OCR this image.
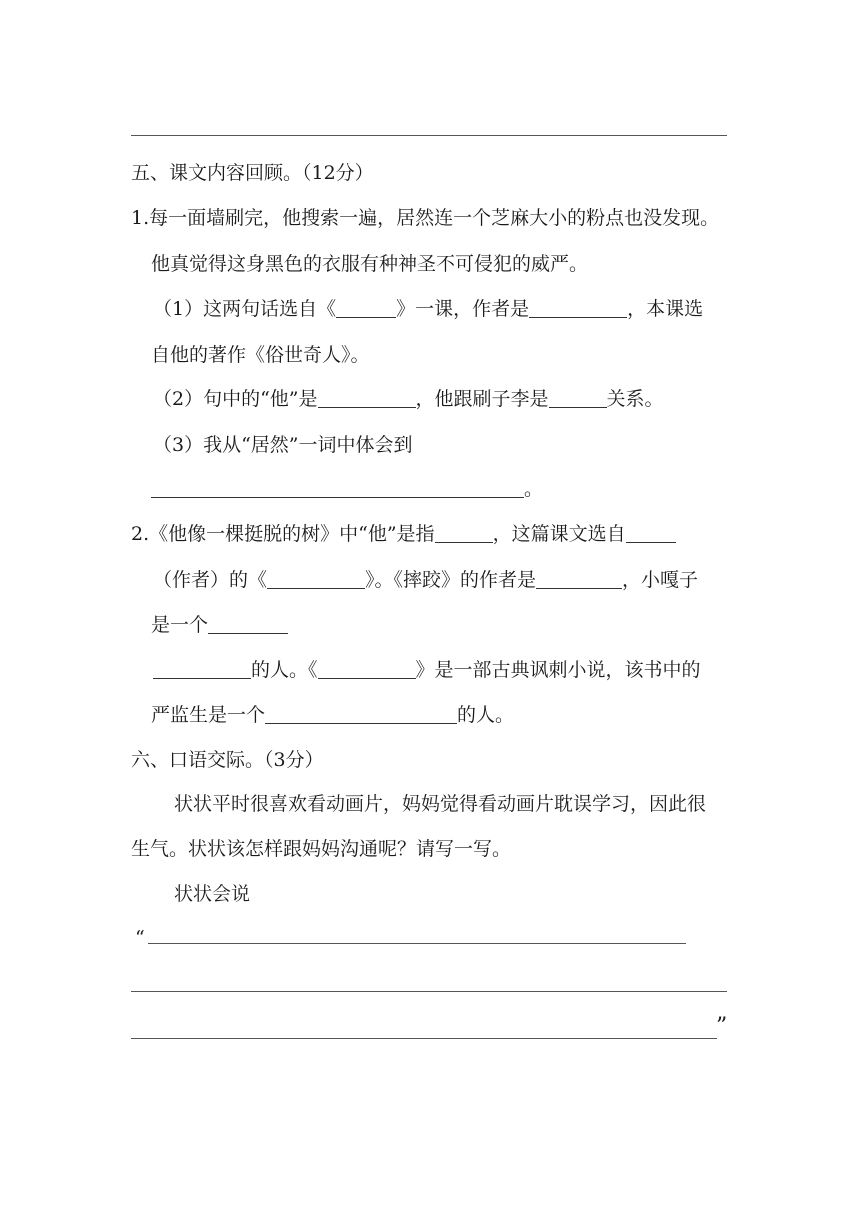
五、课文内容回顾。（12分）
1.每一面墙刷完，他搜索一遍，居然连一个芝麻大小的粉点也没发现。
他真觉得这身黑色的衣服有种神圣不可侵犯的威严。
（1）这两句话选自《	》一课，作者是	，本课选
自他的著作《俗世奇人》。
（2）句中的“他”是	，他跟刷子李是	关系。
（3）我从“居然”一词中体会到
。
2.《他像一棵挺脱的树》中“他”是指	，这篇课文选自
（作者）的《	》。《摔跤》的作者是	，小嘎子
是一个
的人。《	》是一部古典讽刺小说，该书中的
严监生是一个	的人。
六、口语交际。（3分）
状状平时很喜欢看动画片，妈妈觉得看动画片耽误学习，因此很
生气。状状该怎样跟妈妈沟通呢？请写一写。
状状会说
“
”
